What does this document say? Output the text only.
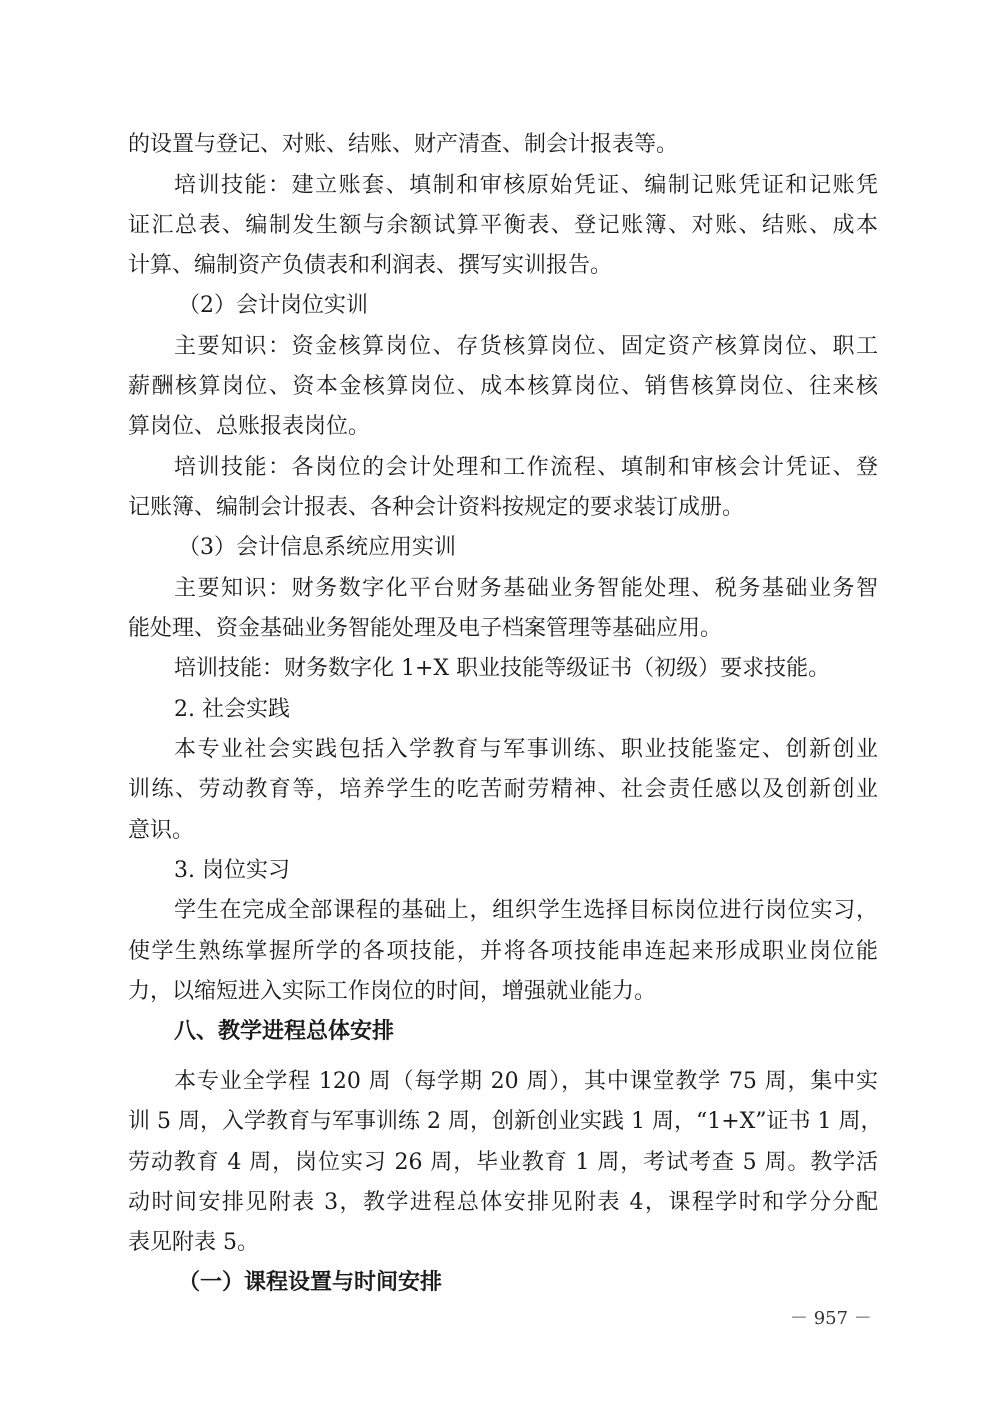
的设置与登记、对账、结账、财产清查、制会计报表等。
培训技能：建立账套、填制和审核原始凭证、编制记账凭证和记账凭
证汇总表、编制发生额与余额试算平衡表、登记账簿、对账、结账、成本
计算、编制资产负债表和利润表、撰写实训报告。
（2）会计岗位实训
主要知识：资金核算岗位、存货核算岗位、固定资产核算岗位、职工
薪酬核算岗位、资本金核算岗位、成本核算岗位、销售核算岗位、往来核
算岗位、总账报表岗位。
培训技能：各岗位的会计处理和工作流程、填制和审核会计凭证、登
记账簿、编制会计报表、各种会计资料按规定的要求装订成册。
（3）会计信息系统应用实训
主要知识：财务数字化平台财务基础业务智能处理、税务基础业务智
能处理、资金基础业务智能处理及电子档案管理等基础应用。
培训技能：财务数字化 1+X 职业技能等级证书（初级）要求技能。
2. 社会实践
本专业社会实践包括入学教育与军事训练、职业技能鉴定、创新创业
训练、劳动教育等，培养学生的吃苦耐劳精神、社会责任感以及创新创业
意识。
3. 岗位实习
学生在完成全部课程的基础上，组织学生选择目标岗位进行岗位实习，
使学生熟练掌握所学的各项技能，并将各项技能串连起来形成职业岗位能
力，以缩短进入实际工作岗位的时间，增强就业能力。
八、教学进程总体安排
本专业全学程 120 周（每学期 20 周），其中课堂教学 75 周，集中实
训 5 周，入学教育与军事训练 2 周，创新创业实践 1 周，“1+X”证书 1 周，
劳动教育 4 周，岗位实习 26 周，毕业教育 1 周，考试考查 5 周。教学活
动时间安排见附表 3，教学进程总体安排见附表 4，课程学时和学分分配
表见附表 5。
（一）课程设置与时间安排
－ 957 －
